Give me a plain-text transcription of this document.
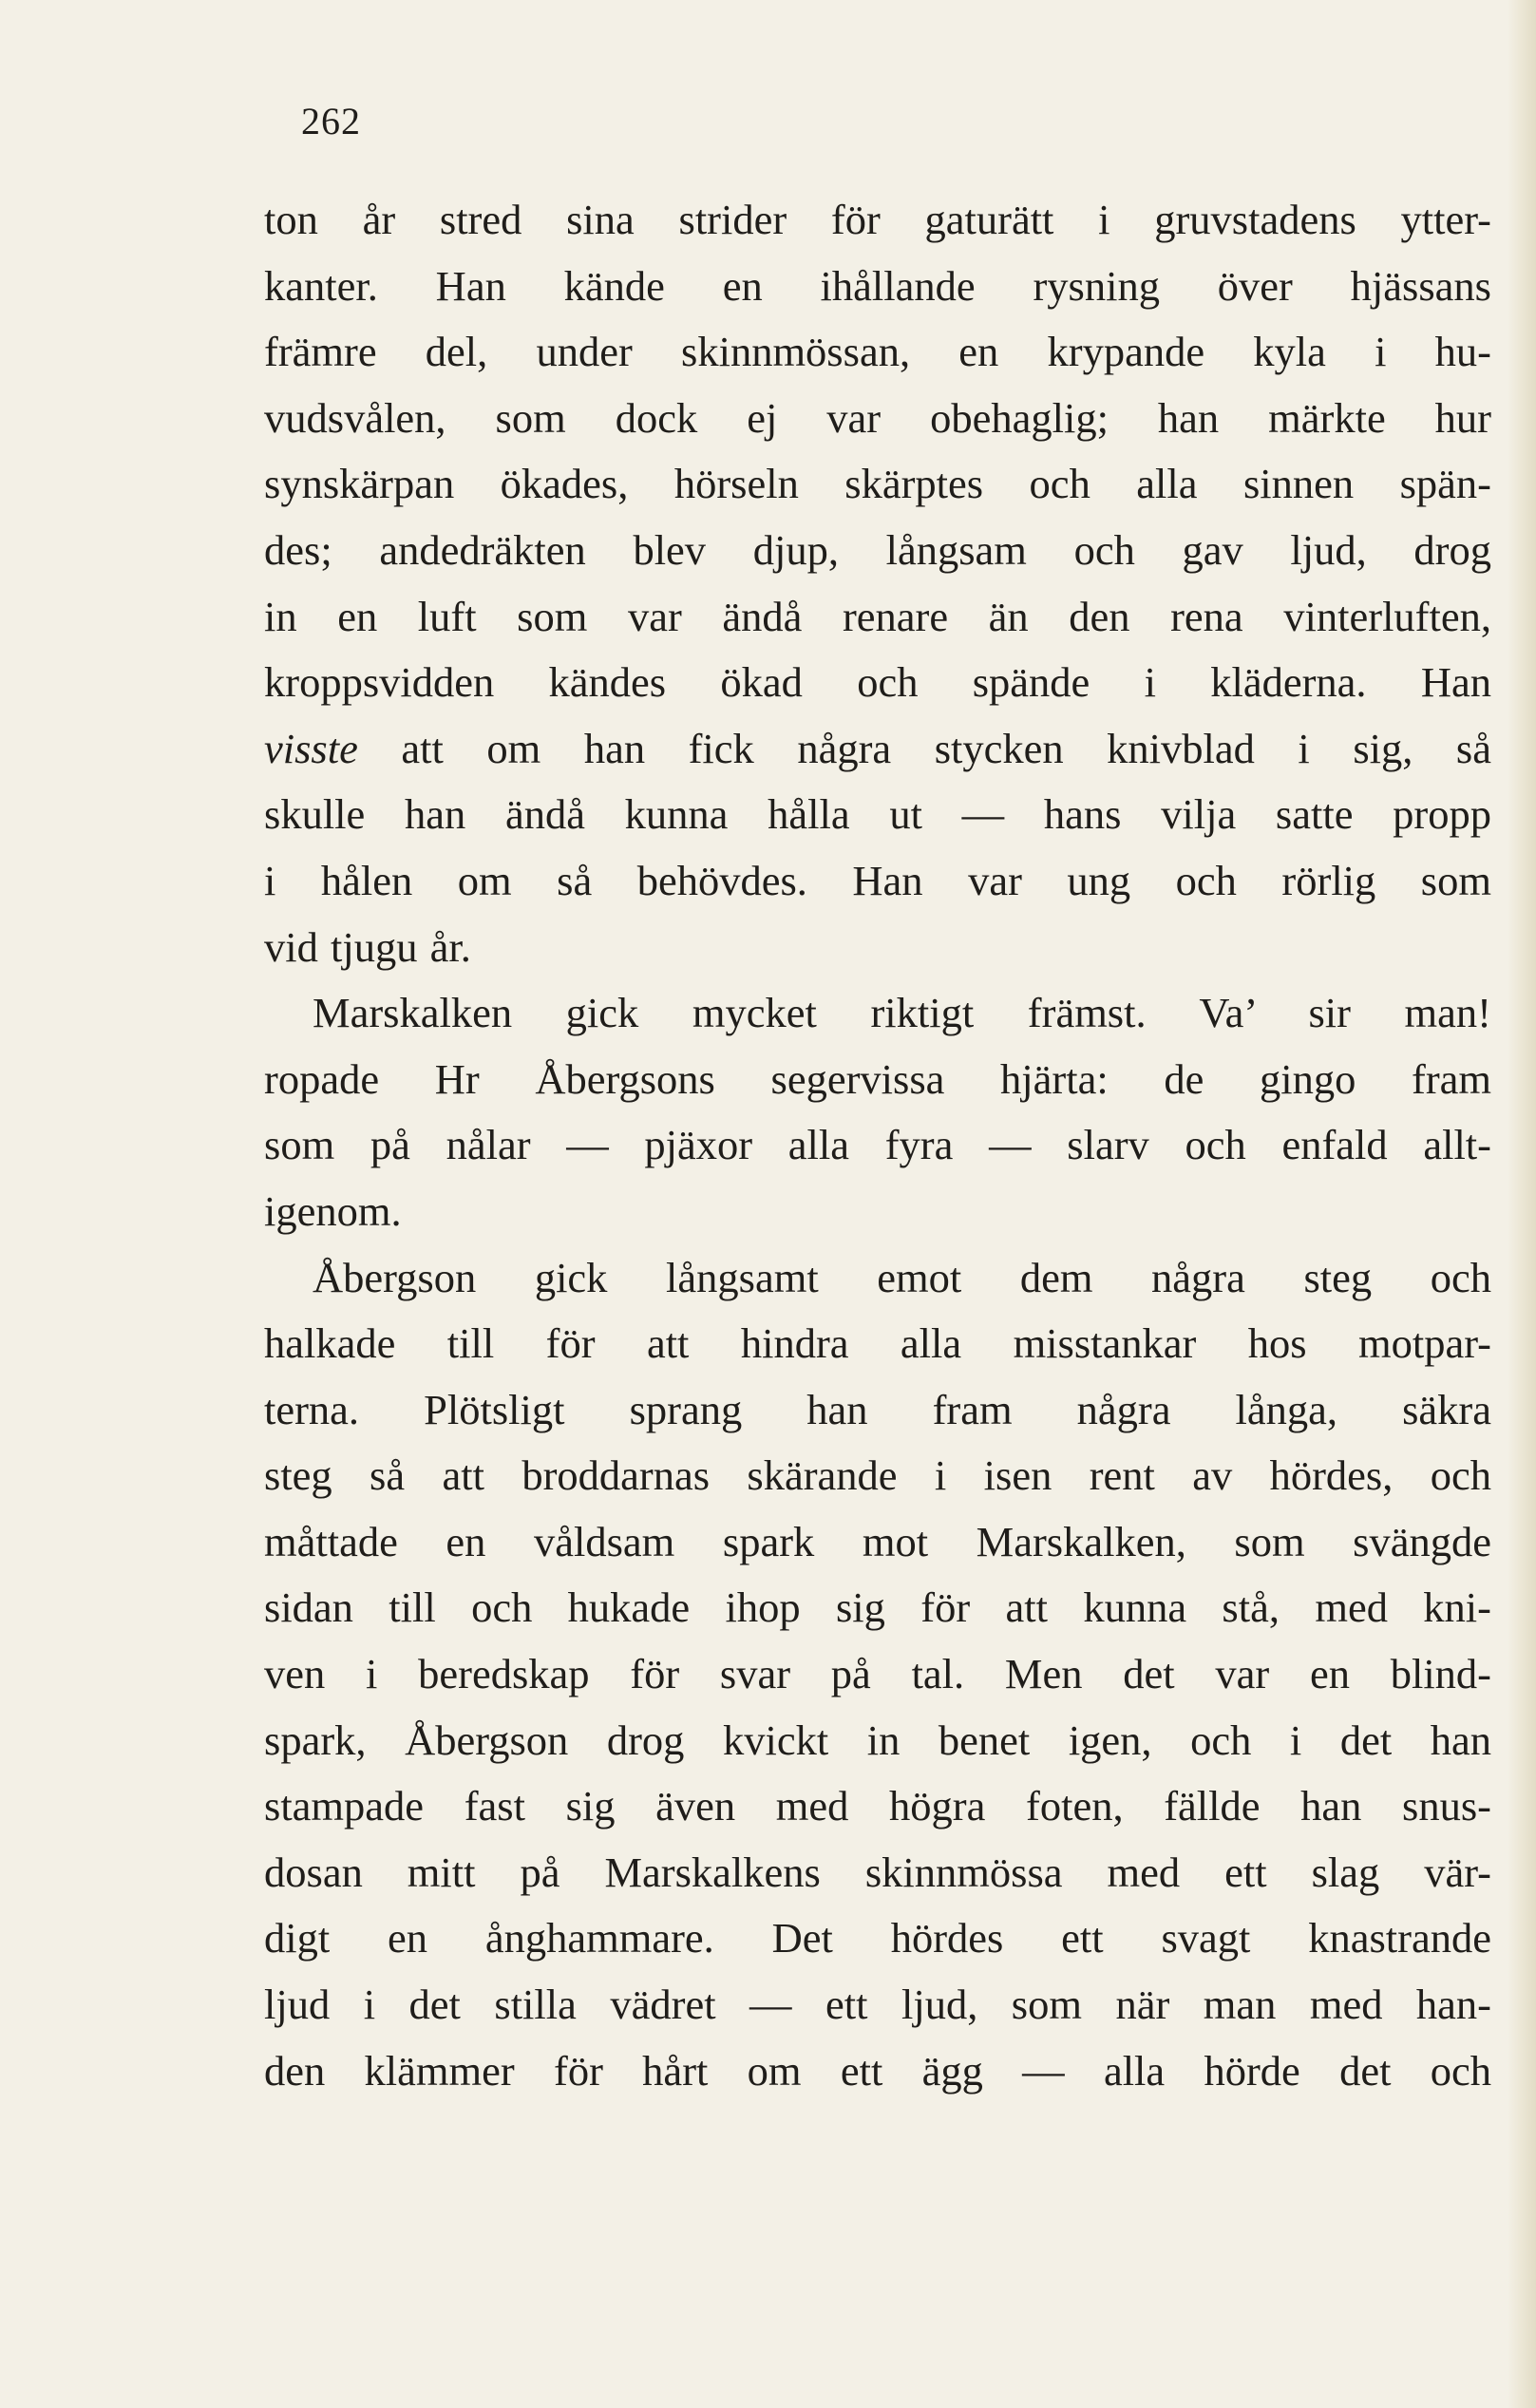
262
ton år stred sina strider för gaturätt i gruvstadens ytter-
kanter. Han kände en ihållande rysning över hjässans
främre del, under skinnmössan, en krypande kyla i hu-
vudsvålen, som dock ej var obehaglig; han märkte hur
synskärpan ökades, hörseln skärptes och alla sinnen spän-
des; andedräkten blev djup, långsam och gav ljud, drog
in en luft som var ändå renare än den rena vinterluften,
kroppsvidden kändes ökad och spände i kläderna. Han
visste att om han fick några stycken knivblad i sig, så
skulle han ändå kunna hålla ut — hans vilja satte propp
i hålen om så behövdes. Han var ung och rörlig som
vid tjugu år.
Marskalken gick mycket riktigt främst. Va’ sir man!
ropade Hr Åbergsons segervissa hjärta: de gingo fram
som på nålar — pjäxor alla fyra — slarv och enfald allt-
igenom.
Åbergson gick långsamt emot dem några steg och
halkade till för att hindra alla misstankar hos motpar-
terna. Plötsligt sprang han fram några långa, säkra
steg så att broddarnas skärande i isen rent av hördes, och
måttade en våldsam spark mot Marskalken, som svängde
sidan till och hukade ihop sig för att kunna stå, med kni-
ven i beredskap för svar på tal. Men det var en blind-
spark, Åbergson drog kvickt in benet igen, och i det han
stampade fast sig även med högra foten, fällde han snus-
dosan mitt på Marskalkens skinnmössa med ett slag vär-
digt en ånghammare. Det hördes ett svagt knastrande
ljud i det stilla vädret — ett ljud, som när man med han-
den klämmer för hårt om ett ägg — alla hörde det och
